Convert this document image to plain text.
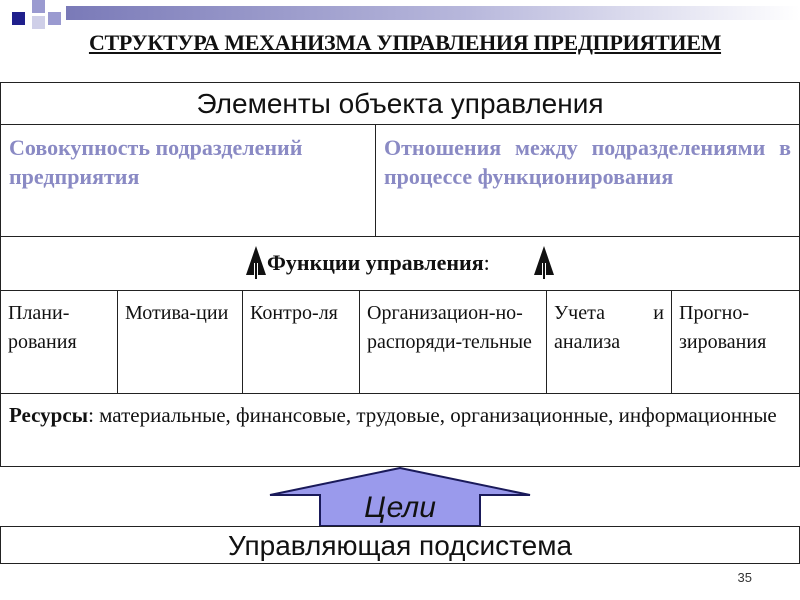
СТРУКТУРА МЕХАНИЗМА УПРАВЛЕНИЯ ПРЕДПРИЯТИЕМ
Элементы объекта управления
Совокупность подразделений предприятия
Отношения между подразделениями в процессе функционирования
Функции управления:
Плани-рования
Мотива-ции	Контро-ля	Организацион-но-распоряди-тельные
Учета и анализа
Прогно-зирования
Ресурсы: материальные, финансовые, трудовые, организационные, информационные
Цели
Управляющая подсистема
35
